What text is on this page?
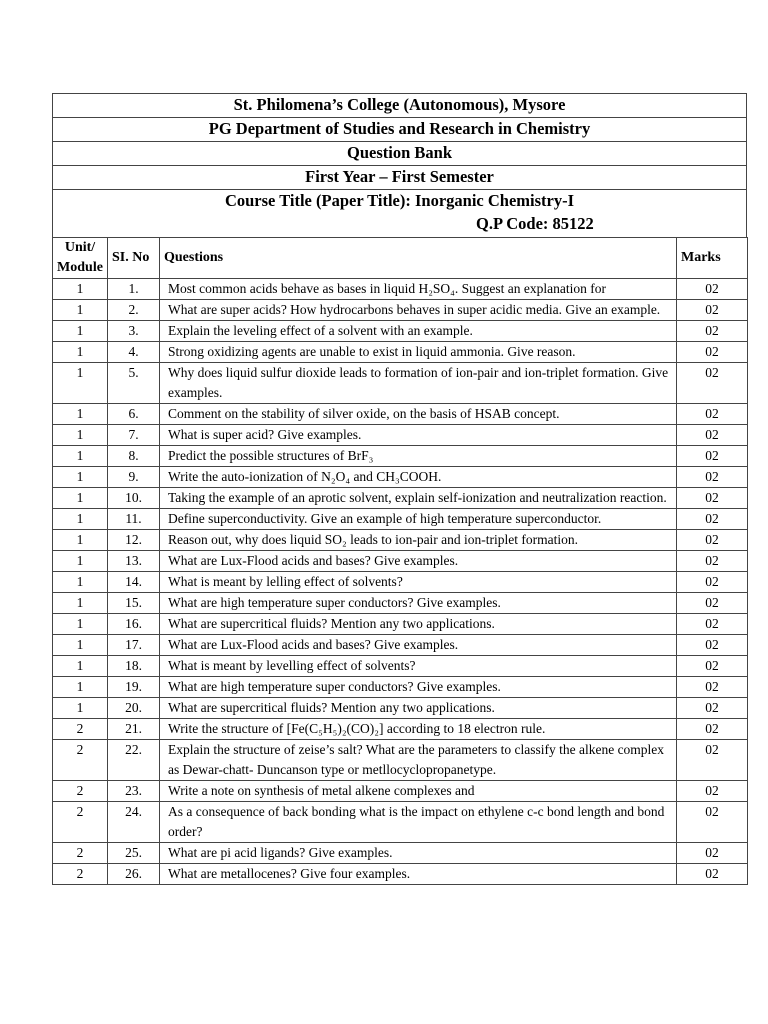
St. Philomena’s College (Autonomous), Mysore
PG Department of Studies and Research in Chemistry
Question Bank
First Year – First Semester
Course Title (Paper Title): Inorganic Chemistry-I
Q.P Code: 85122
Unit/
Module	SI. No	Questions	Marks
1	1.	Most common acids behave as bases in liquid H₂SO₄. Suggest an explanation for	02
1	2.	What are super acids? How hydrocarbons behaves in super acidic media. Give an example.	02
1	3.	Explain the leveling effect of a solvent with an example.	02
1	4.	Strong oxidizing agents are unable to exist in liquid ammonia. Give reason.	02
1	5.	Why does liquid sulfur dioxide leads to formation of ion-pair and ion-triplet formation. Give examples.	02
1	6.	Comment on the stability of silver oxide, on the basis of HSAB concept.	02
1	7.	What is super acid? Give examples.	02
1	8.	Predict the possible structures of BrF₃	02
1	9.	Write the auto-ionization of N₂O₄ and CH₃COOH.	02
1	10.	Taking the example of an aprotic solvent, explain self-ionization and neutralization reaction.	02
1	11.	Define superconductivity. Give an example of high temperature superconductor.	02
1	12.	Reason out, why does liquid SO₂ leads to ion-pair and ion-triplet formation.	02
1	13.	What are Lux-Flood acids and bases? Give examples.	02
1	14.	What is meant by lelling effect of solvents?	02
1	15.	What are high temperature super conductors? Give examples.	02
1	16.	What are supercritical fluids? Mention any two applications.	02
1	17.	What are Lux-Flood acids and bases? Give examples.	02
1	18.	What is meant by levelling effect of solvents?	02
1	19.	What are high temperature super conductors? Give examples.	02
1	20.	What are supercritical fluids? Mention any two applications.	02
2	21.	Write the structure of [Fe(C₅H₅)₂(CO)₂] according to 18 electron rule.	02
2	22.	Explain the structure of zeise’s salt? What are the parameters to classify the alkene complex as Dewar-chatt- Duncanson type or metllocyclopropanetype.	02
2	23.	Write a note on synthesis of metal alkene complexes and	02
2	24.	As a consequence of back bonding what is the impact on ethylene c-c bond length and bond order?	02
2	25.	What are pi acid ligands? Give examples.	02
2	26.	What are metallocenes? Give four examples.	02
